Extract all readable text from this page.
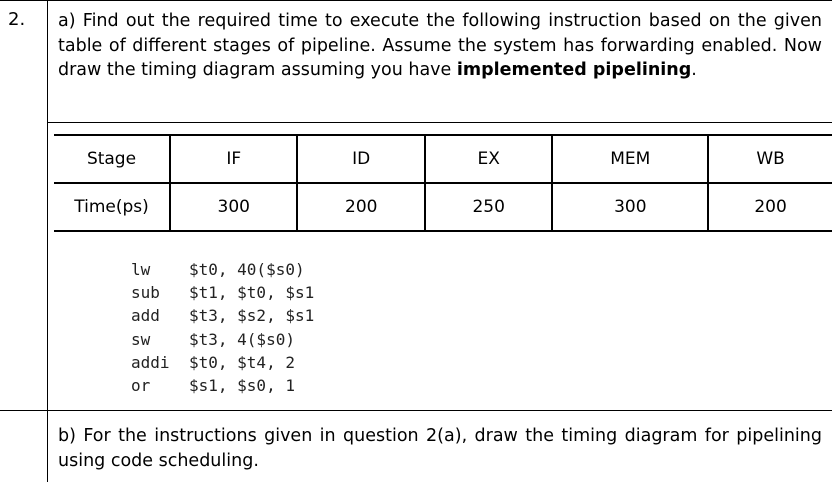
2. a) Find out the required time to execute the following instruction based on the given table of different stages of pipeline. Assume the system has forwarding enabled. Now draw the timing diagram assuming you have implemented pipelining.
Stage	IF	ID	EX	MEM	WB
Time(ps)	300	200	250	300	200
lw $t0, 40($s0)
sub $t1, $t0, $s1
add $t3, $s2, $s1
sw $t3, 4($s0)
addi $t0, $t4, 2
or $s1, $s0, 1
b) For the instructions given in question 2(a), draw the timing diagram for pipelining using code scheduling.
